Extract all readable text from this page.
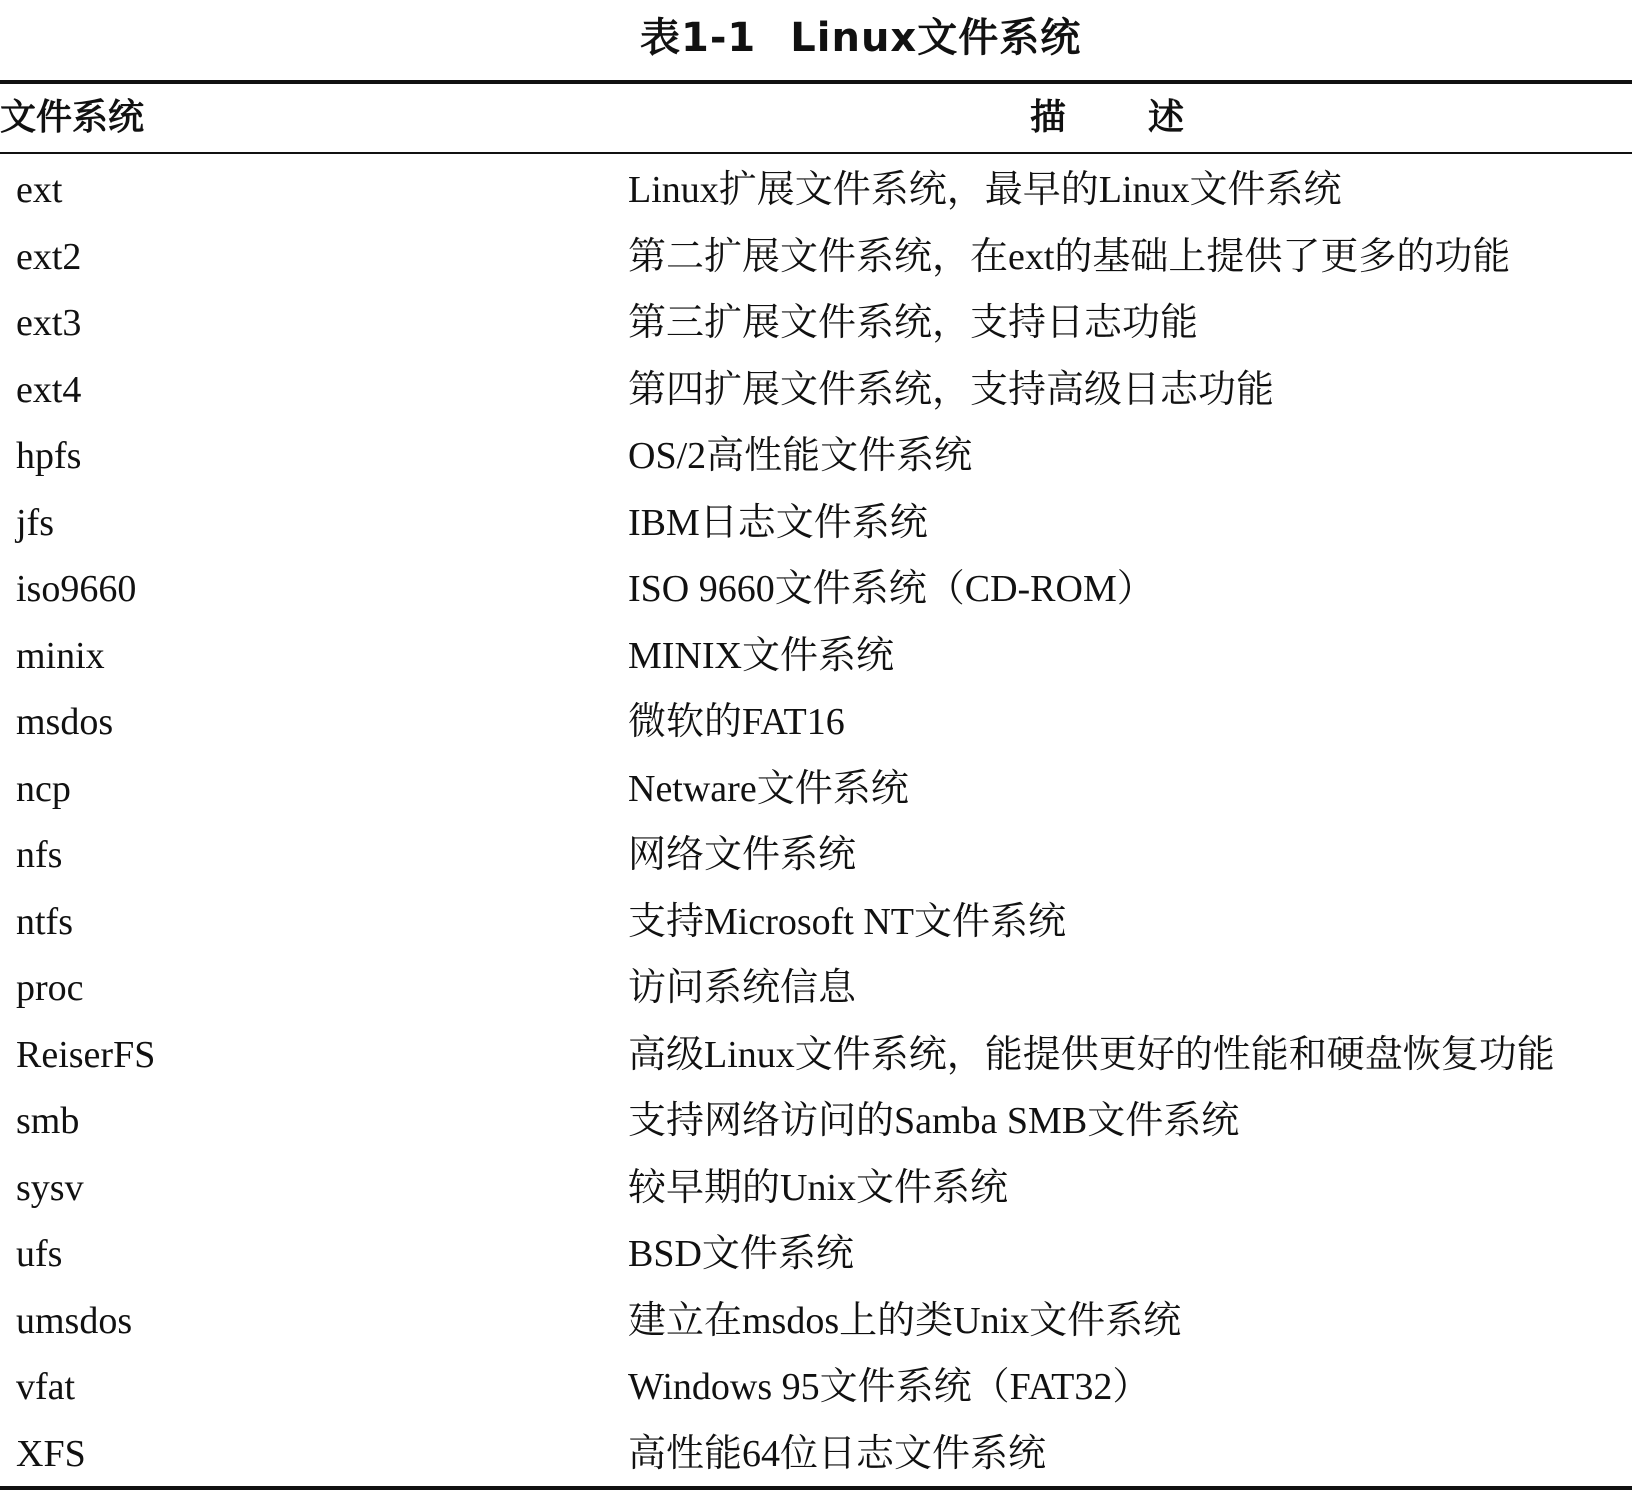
表1-1 Linux文件系统
文件系统	描述
ext	Linux扩展文件系统，最早的Linux文件系统
ext2	第二扩展文件系统，在ext的基础上提供了更多的功能
ext3	第三扩展文件系统，支持日志功能
ext4	第四扩展文件系统，支持高级日志功能
hpfs	OS/2高性能文件系统
jfs	IBM日志文件系统
iso9660	ISO 9660文件系统（CD-ROM）
minix	MINIX文件系统
msdos	微软的FAT16
ncp	Netware文件系统
nfs	网络文件系统
ntfs	支持Microsoft NT文件系统
proc	访问系统信息
ReiserFS	高级Linux文件系统，能提供更好的性能和硬盘恢复功能
smb	支持网络访问的Samba SMB文件系统
sysv	较早期的Unix文件系统
ufs	BSD文件系统
umsdos	建立在msdos上的类Unix文件系统
vfat	Windows 95文件系统（FAT32）
XFS	高性能64位日志文件系统
